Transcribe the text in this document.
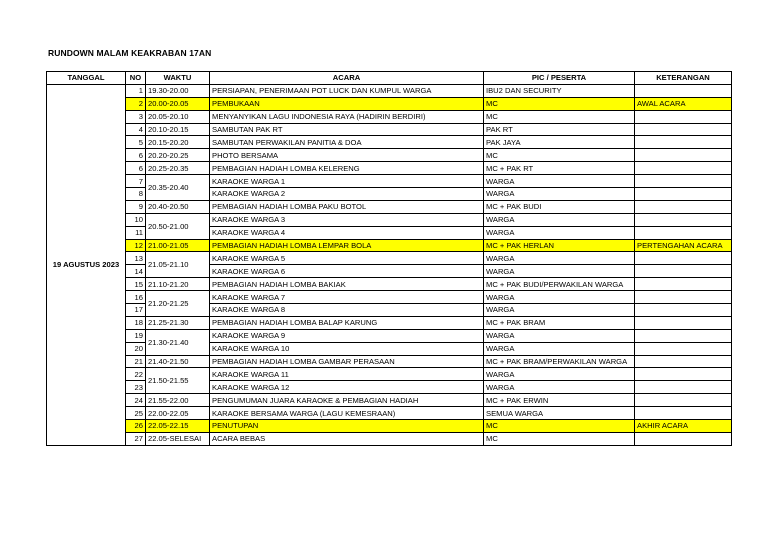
RUNDOWN MALAM KEAKRABAN 17AN
TANGGAL	NO	WAKTU	ACARA	PIC / PESERTA	KETERANGAN
19 AGUSTUS 2023	1	19.30-20.00	PERSIAPAN, PENERIMAAN POT LUCK DAN KUMPUL WARGA	IBU2 DAN SECURITY	
	2	20.00-20.05	PEMBUKAAN	MC	AWAL ACARA
	3	20.05-20.10	MENYANYIKAN LAGU INDONESIA RAYA (HADIRIN BERDIRI)	MC	
	4	20.10-20.15	SAMBUTAN PAK RT	PAK RT	
	5	20.15-20.20	SAMBUTAN PERWAKILAN PANITIA & DOA	PAK JAYA	
	6	20.20-20.25	PHOTO BERSAMA	MC	
	6	20.25-20.35	PEMBAGIAN HADIAH LOMBA KELERENG	MC + PAK RT	
	7	20.35-20.40	KARAOKE WARGA 1	WARGA	
	8		KARAOKE WARGA 2	WARGA	
	9	20.40-20.50	PEMBAGIAN HADIAH LOMBA PAKU BOTOL	MC + PAK BUDI	
	10	20.50-21.00	KARAOKE WARGA 3	WARGA	
	11		KARAOKE WARGA 4	WARGA	
	12	21.00-21.05	PEMBAGIAN HADIAH LOMBA LEMPAR BOLA	MC + PAK HERLAN	PERTENGAHAN ACARA
	13	21.05-21.10	KARAOKE WARGA 5	WARGA	
	14		KARAOKE WARGA 6	WARGA	
	15	21.10-21.20	PEMBAGIAN HADIAH LOMBA BAKIAK	MC + PAK BUDI/PERWAKILAN WARGA	
	16	21.20-21.25	KARAOKE WARGA 7	WARGA	
	17		KARAOKE WARGA 8	WARGA	
	18	21.25-21.30	PEMBAGIAN HADIAH LOMBA BALAP KARUNG	MC + PAK BRAM	
	19	21.30-21.40	KARAOKE WARGA 9	WARGA	
	20		KARAOKE WARGA 10	WARGA	
	21	21.40-21.50	PEMBAGIAN HADIAH LOMBA GAMBAR PERASAAN	MC + PAK BRAM/PERWAKILAN WARGA	
	22	21.50-21.55	KARAOKE WARGA 11	WARGA	
	23		KARAOKE WARGA 12	WARGA	
	24	21.55-22.00	PENGUMUMAN JUARA KARAOKE & PEMBAGIAN HADIAH	MC + PAK ERWIN	
	25	22.00-22.05	KARAOKE BERSAMA WARGA (LAGU KEMESRAAN)	SEMUA WARGA	
	26	22.05-22.15	PENUTUPAN	MC	AKHIR ACARA
	27	22.05-SELESAI	ACARA BEBAS	MC	
